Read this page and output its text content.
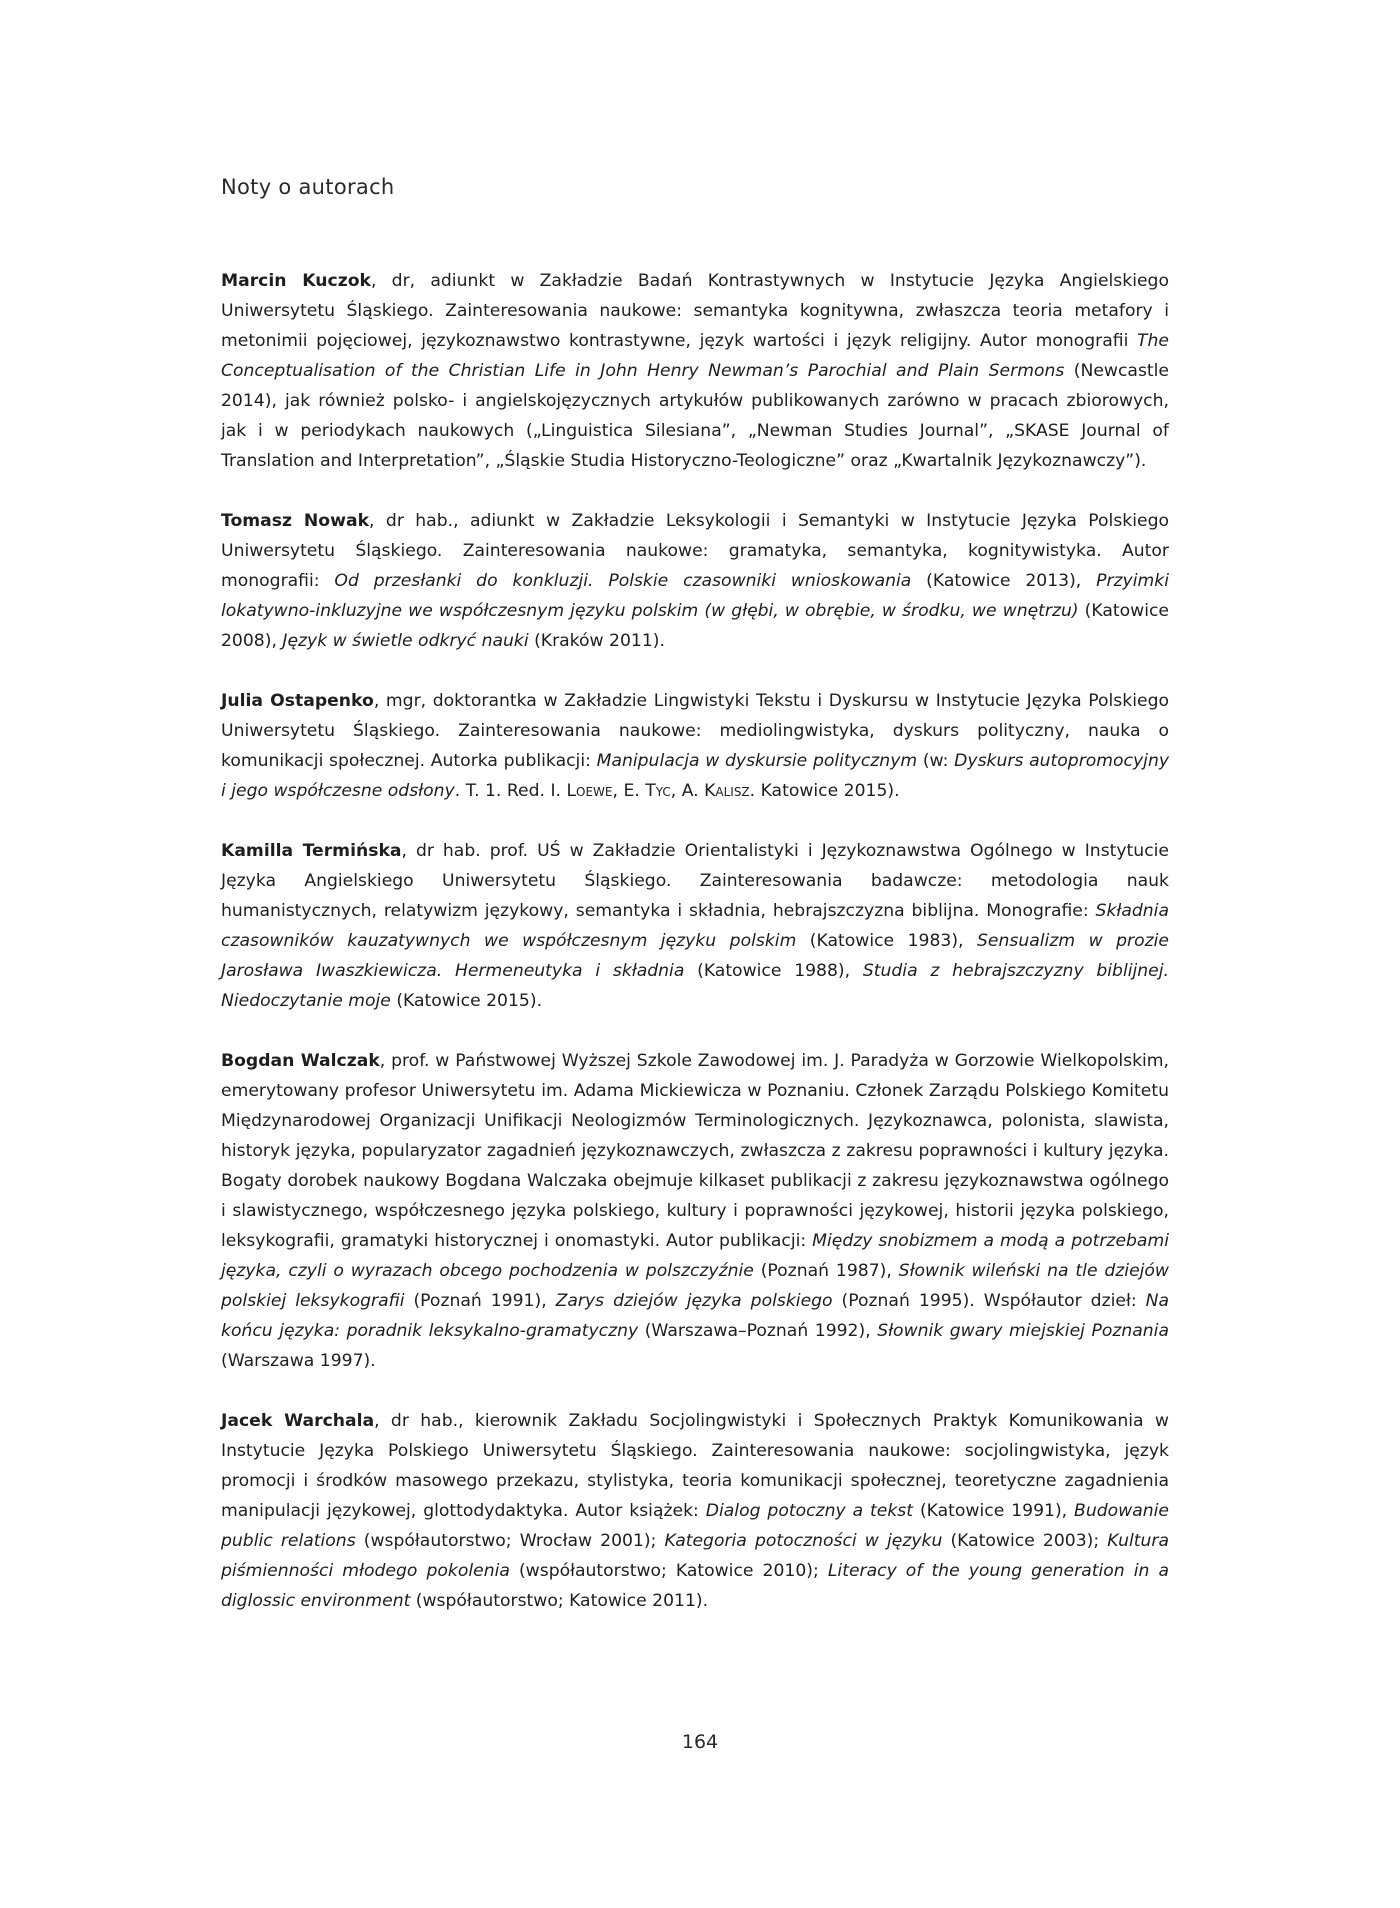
Noty o autorach

Marcin Kuczok, dr, adiunkt w Zakładzie Badań Kontrastywnych w Instytucie Języka Angielskiego Uniwersytetu Śląskiego. Zainteresowania naukowe: semantyka kognitywna, zwłaszcza teoria metafory i metonimii pojęciowej, językoznawstwo kontrastywne, język wartości i język religijny. Autor monografii The Conceptualisation of the Christian Life in John Henry Newman’s Parochial and Plain Sermons (Newcastle 2014), jak również polsko- i angielskojęzycznych artykułów publikowanych zarówno w pracach zbiorowych, jak i w periodykach naukowych („Linguistica Silesiana”, „Newman Studies Journal”, „SKASE Journal of Translation and Interpretation”, „Śląskie Studia Historyczno-Teologiczne” oraz „Kwartalnik Językoznawczy”).

Tomasz Nowak, dr hab., adiunkt w Zakładzie Leksykologii i Semantyki w Instytucie Języka Polskiego Uniwersytetu Śląskiego. Zainteresowania naukowe: gramatyka, semantyka, kognitywistyka. Autor monografii: Od przesłanki do konkluzji. Polskie czasowniki wnioskowania (Katowice 2013), Przyimki lokatywno-inkluzyjne we współczesnym języku polskim (w głębi, w obrębie, w środku, we wnętrzu) (Katowice 2008), Język w świetle odkryć nauki (Kraków 2011).

Julia Ostapenko, mgr, doktorantka w Zakładzie Lingwistyki Tekstu i Dyskursu w Instytucie Języka Polskiego Uniwersytetu Śląskiego. Zainteresowania naukowe: mediolingwistyka, dyskurs polityczny, nauka o komunikacji społecznej. Autorka publikacji: Manipulacja w dyskursie politycznym (w: Dyskurs autopromocyjny i jego współczesne odsłony. T. 1. Red. I. Loewe, E. Tyc, A. Kalisz. Katowice 2015).

Kamilla Termińska, dr hab. prof. UŚ w Zakładzie Orientalistyki i Językoznawstwa Ogólnego w Instytucie Języka Angielskiego Uniwersytetu Śląskiego. Zainteresowania badawcze: metodologia nauk humanistycznych, relatywizm językowy, semantyka i składnia, hebrajszczyzna biblijna. Monografie: Składnia czasowników kauzatywnych we współczesnym języku polskim (Katowice 1983), Sensualizm w prozie Jarosława Iwaszkiewicza. Hermeneutyka i składnia (Katowice 1988), Studia z hebrajszczyzny biblijnej. Niedoczytanie moje (Katowice 2015).

Bogdan Walczak, prof. w Państwowej Wyższej Szkole Zawodowej im. J. Paradyża w Gorzowie Wielkopolskim, emerytowany profesor Uniwersytetu im. Adama Mickiewicza w Poznaniu. Członek Zarządu Polskiego Komitetu Międzynarodowej Organizacji Unifikacji Neologizmów Terminologicznych. Językoznawca, polonista, slawista, historyk języka, popularyzator zagadnień językoznawczych, zwłaszcza z zakresu poprawności i kultury języka. Bogaty dorobek naukowy Bogdana Walczaka obejmuje kilkaset publikacji z zakresu językoznawstwa ogólnego i slawistycznego, współczesnego języka polskiego, kultury i poprawności językowej, historii języka polskiego, leksykografii, gramatyki historycznej i onomastyki. Autor publikacji: Między snobizmem a modą a potrzebami języka, czyli o wyrazach obcego pochodzenia w polszczyźnie (Poznań 1987), Słownik wileński na tle dziejów polskiej leksykografii (Poznań 1991), Zarys dziejów języka polskiego (Poznań 1995). Współautor dzieł: Na końcu języka: poradnik leksykalno-gramatyczny (Warszawa–Poznań 1992), Słownik gwary miejskiej Poznania (Warszawa 1997).

Jacek Warchala, dr hab., kierownik Zakładu Socjolingwistyki i Społecznych Praktyk Komunikowania w Instytucie Języka Polskiego Uniwersytetu Śląskiego. Zainteresowania naukowe: socjolingwistyka, język promocji i środków masowego przekazu, stylistyka, teoria komunikacji społecznej, teoretyczne zagadnienia manipulacji językowej, glottodydaktyka. Autor książek: Dialog potoczny a tekst (Katowice 1991), Budowanie public relations (współautorstwo; Wrocław 2001); Kategoria potoczności w języku (Katowice 2003); Kultura piśmienności młodego pokolenia (współautorstwo; Katowice 2010); Literacy of the young generation in a diglossic environment (współautorstwo; Katowice 2011).

164
